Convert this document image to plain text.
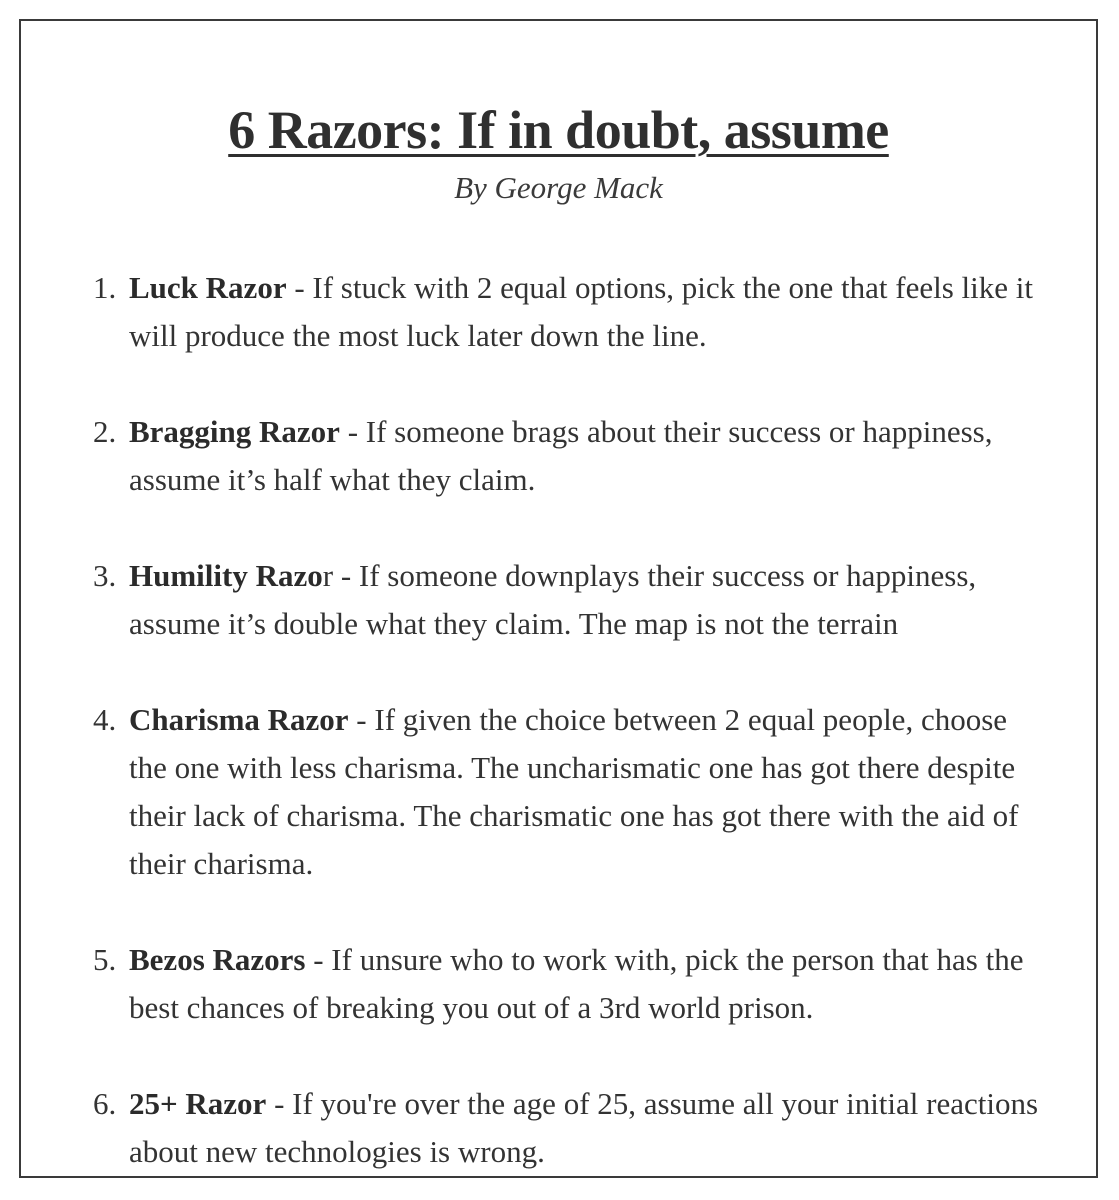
6 Razors: If in doubt, assume

By George Mack

1. Luck Razor - If stuck with 2 equal options, pick the one that feels like it will produce the most luck later down the line.
2. Bragging Razor - If someone brags about their success or happiness, assume it’s half what they claim.
3. Humility Razor - If someone downplays their success or happiness, assume it’s double what they claim. The map is not the terrain
4. Charisma Razor - If given the choice between 2 equal people, choose the one with less charisma. The uncharismatic one has got there despite their lack of charisma. The charismatic one has got there with the aid of their charisma.
5. Bezos Razors - If unsure who to work with, pick the person that has the best chances of breaking you out of a 3rd world prison.
6. 25+ Razor - If you're over the age of 25, assume all your initial reactions about new technologies is wrong.
